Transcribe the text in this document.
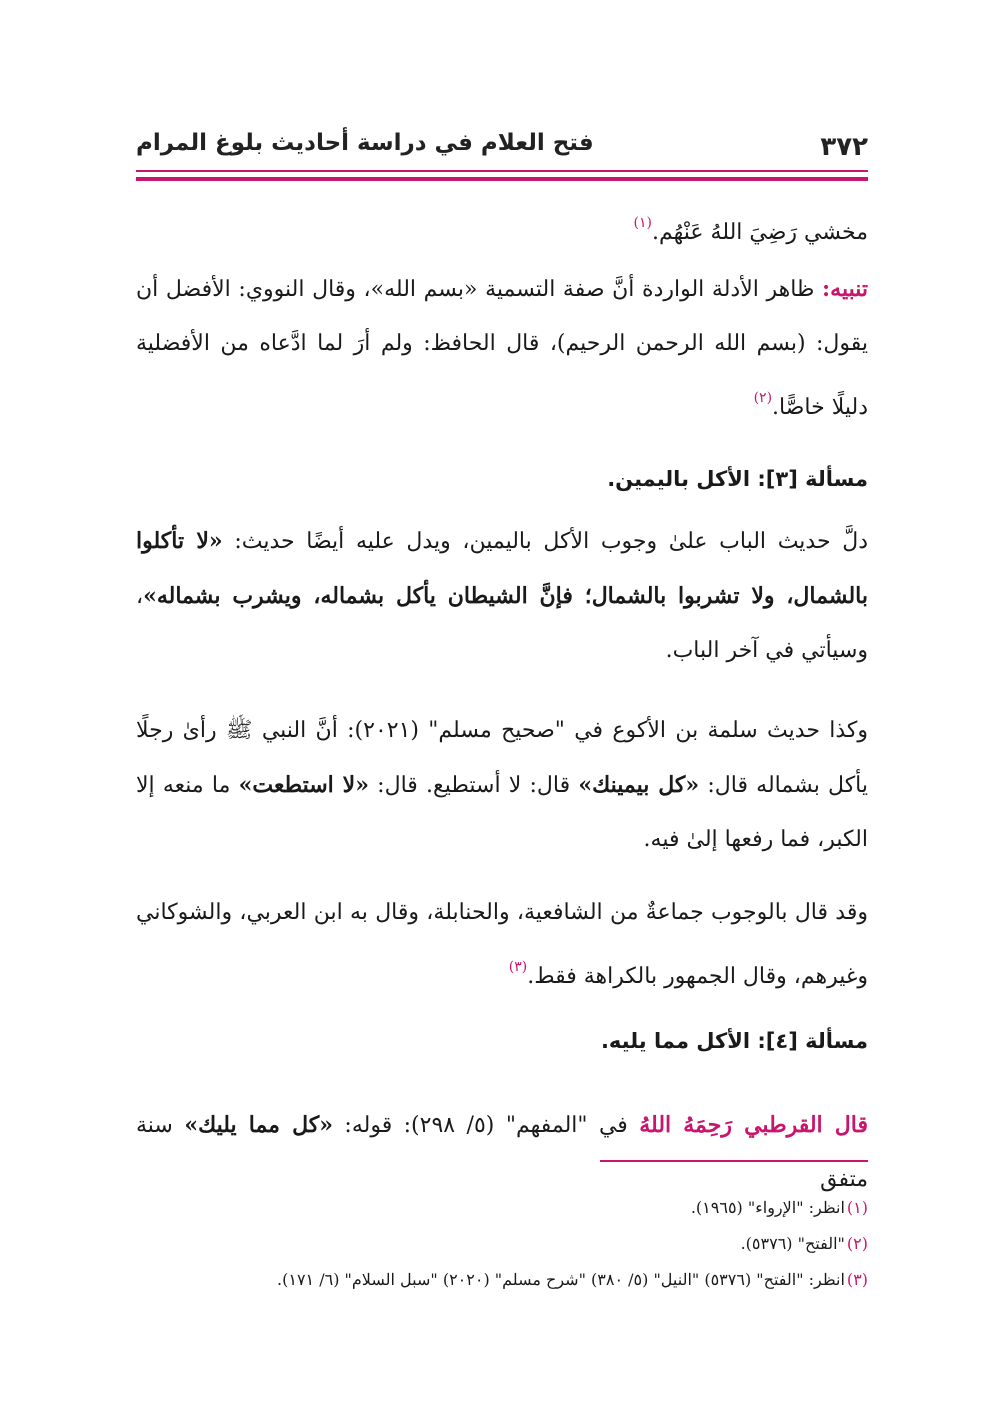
٣٧٢
فتح العلام في دراسة أحاديث بلوغ المرام
مخشي رَضِيَ اللهُ عَنْهُم.$^{(١)}$
تنبيه: ظاهر الأدلة الواردة أنَّ صفة التسمية «بسم الله»، وقال النووي: الأفضل أن يقول: (بسم الله الرحمن الرحيم)، قال الحافظ: ولم أرَ لما ادَّعاه من الأفضلية دليلًا خاصًّا.$^{(٢)}$
مسألة [٣]: الأكل باليمين.
دلَّ حديث الباب علىٰ وجوب الأكل باليمين، ويدل عليه أيضًا حديث: «لا تأكلوا بالشمال، ولا تشربوا بالشمال؛ فإنَّ الشيطان يأكل بشماله، ويشرب بشماله»، وسيأتي في آخر الباب.
وكذا حديث سلمة بن الأكوع في "صحيح مسلم" (٢٠٢١): أنَّ النبي ﷺ رأىٰ رجلًا يأكل بشماله قال: «كل بيمينك» قال: لا أستطيع. قال: «لا استطعت» ما منعه إلا الكبر، فما رفعها إلىٰ فيه.
وقد قال بالوجوب جماعةٌ من الشافعية، والحنابلة، وقال به ابن العربي، والشوكاني وغيرهم، وقال الجمهور بالكراهة فقط.$^{(٣)}$
مسألة [٤]: الأكل مما يليه.
قال القرطبي رَحِمَهُ اللهُ في "المفهم" (٥/ ٢٩٨): قوله: «كل مما يليك» سنة متفق
(١)انظر: "الإرواء" (١٩٦٥).
(٢)"الفتح" (٥٣٧٦).
(٣)انظر: "الفتح" (٥٣٧٦) "النيل" (٥/ ٣٨٠) "شرح مسلم" (٢٠٢٠) "سبل السلام" (٦/ ١٧١).
